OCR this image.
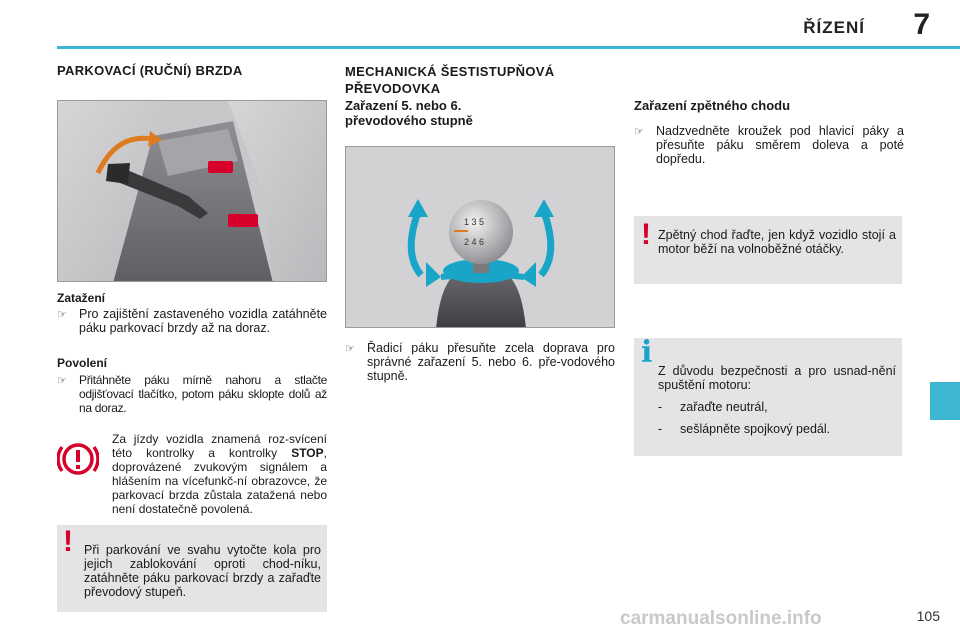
ŘÍZENÍ 7
PARKOVACÍ (RUČNÍ) BRZDA
Zatažení
☞ Pro zajištění zastaveného vozidla zatáhněte páku parkovací brzdy až na doraz.
Povolení
☞	Přitáhněte páku mírně nahoru a stlačte odjišťovací tlačítko, potom páku sklopte dolů až na doraz.
Za jízdy vozidla znamená roz-svícení této kontrolky a kontrolky STOP, doprovázené zvukovým signálem a hlášením na vícefunkč-ní obrazovce, že parkovací brzda zůstala zatažená nebo není dostatečně povolená.
! Při parkování ve svahu vytočte kola pro jejich zablokování oproti chod-níku, zatáhněte páku parkovací brzdy a zařaďte převodový stupeň.
MECHANICKÁ ŠESTISTUPŇOVÁ PŘEVODOVKA
Zařazení 5. nebo 6. převodového stupně
1 3 5
2 4 6
☞ Řadicí páku přesuňte zcela doprava pro správné zařazení 5. nebo 6. pře-vodového stupně.
Zařazení zpětného chodu
☞ Nadzvedněte kroužek pod hlavicí páky a přesuňte páku směrem doleva a poté dopředu.
! Zpětný chod řaďte, jen když vozidlo stojí a motor běží na volnoběžné otáčky.
i
Z důvodu bezpečnosti a pro usnad-nění spuštění motoru:
-	zařaďte neutrál,
-	sešlápněte spojkový pedál.
carmanualsonline.info	105
